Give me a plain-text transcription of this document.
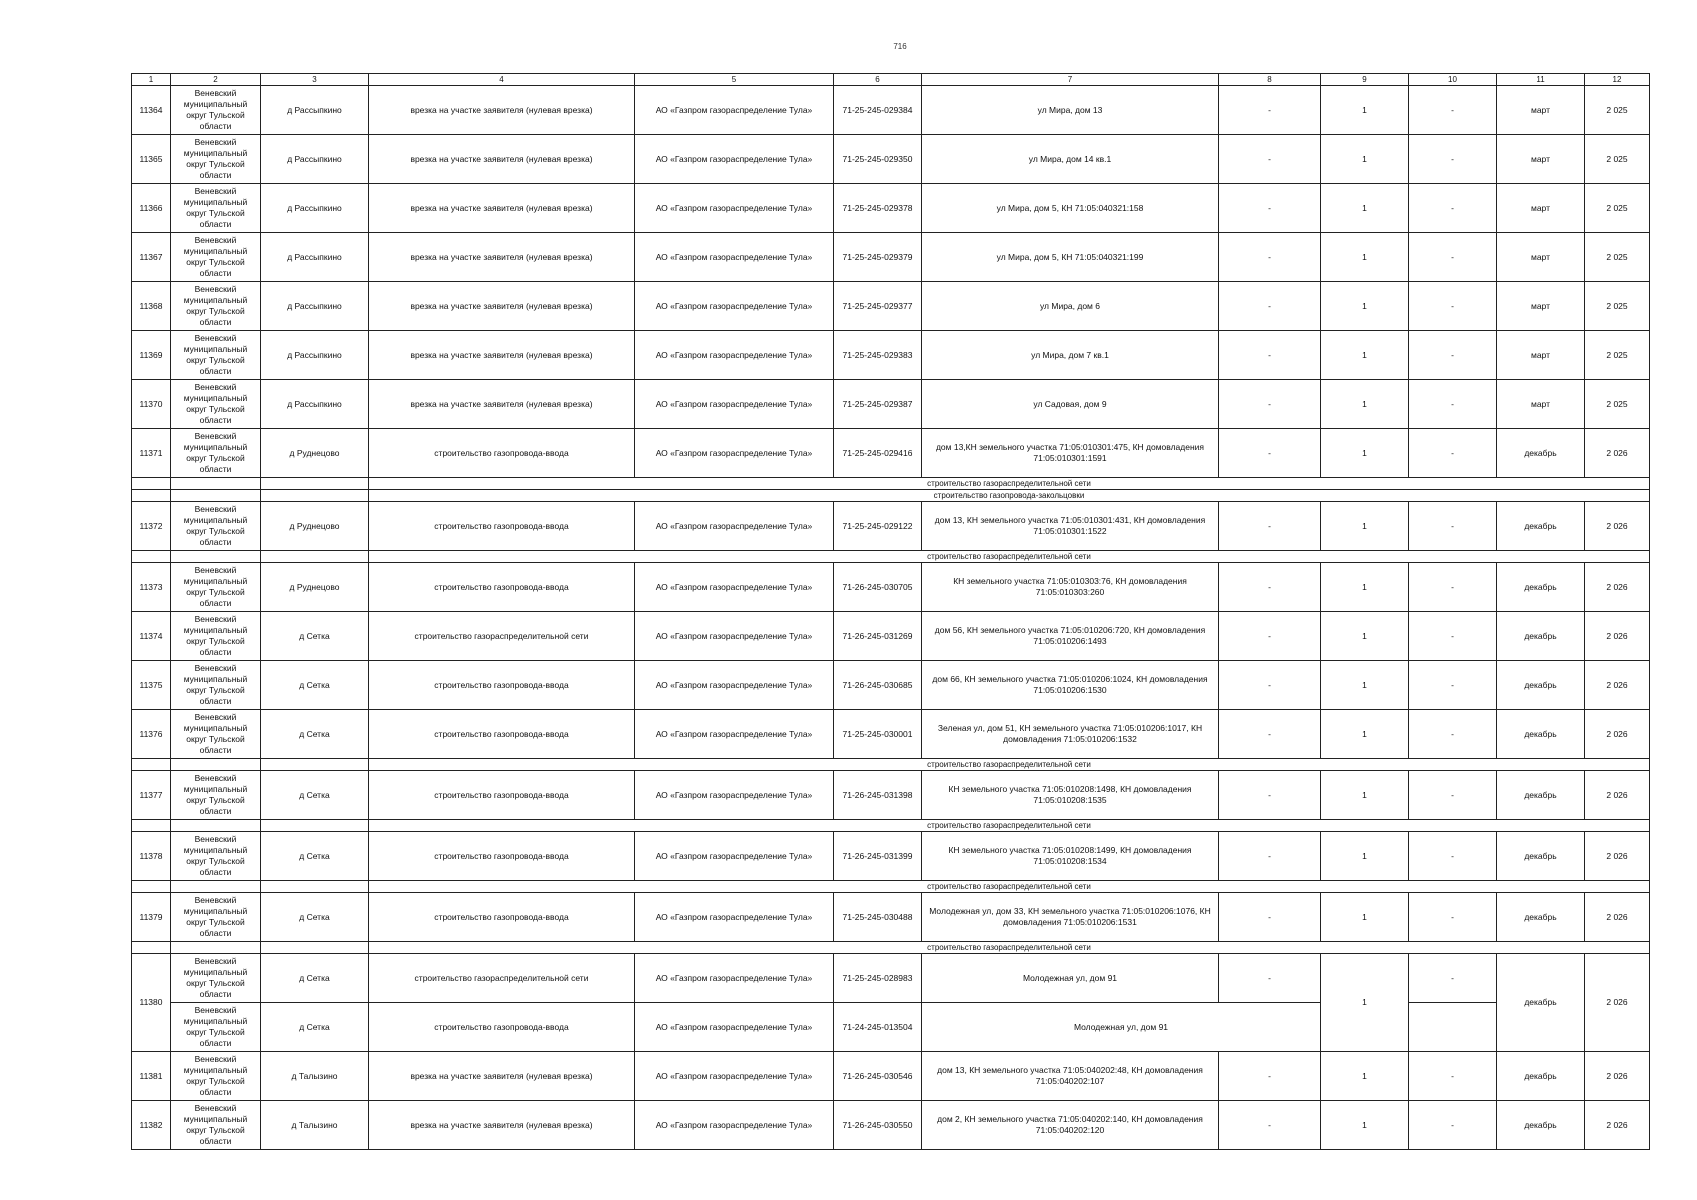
716
1	2	3	4	5	6	7	8	9	10	11	12
11364	Веневский муниципальный округ Тульской области	д Рассыпкино	врезка на участке заявителя (нулевая врезка)	АО «Газпром газораспределение Тула»	71-25-245-029384	ул Мира, дом 13	-	1	-	март	2 025
11365	Веневский муниципальный округ Тульской области	д Рассыпкино	врезка на участке заявителя (нулевая врезка)	АО «Газпром газораспределение Тула»	71-25-245-029350	ул Мира, дом 14 кв.1	-	1	-	март	2 025
11366	Веневский муниципальный округ Тульской области	д Рассыпкино	врезка на участке заявителя (нулевая врезка)	АО «Газпром газораспределение Тула»	71-25-245-029378	ул Мира, дом 5, КН 71:05:040321:158	-	1	-	март	2 025
11367	Веневский муниципальный округ Тульской области	д Рассыпкино	врезка на участке заявителя (нулевая врезка)	АО «Газпром газораспределение Тула»	71-25-245-029379	ул Мира, дом 5, КН 71:05:040321:199	-	1	-	март	2 025
11368	Веневский муниципальный округ Тульской области	д Рассыпкино	врезка на участке заявителя (нулевая врезка)	АО «Газпром газораспределение Тула»	71-25-245-029377	ул Мира, дом 6	-	1	-	март	2 025
11369	Веневский муниципальный округ Тульской области	д Рассыпкино	врезка на участке заявителя (нулевая врезка)	АО «Газпром газораспределение Тула»	71-25-245-029383	ул Мира, дом 7 кв.1	-	1	-	март	2 025
11370	Веневский муниципальный округ Тульской области	д Рассыпкино	врезка на участке заявителя (нулевая врезка)	АО «Газпром газораспределение Тула»	71-25-245-029387	ул Садовая, дом 9	-	1	-	март	2 025
11371	Веневский муниципальный округ Тульской области	д Руднецово	строительство газопровода-ввода	АО «Газпром газораспределение Тула»	71-25-245-029416	дом 13,КН земельного участка 71:05:010301:475, КН домовладения 71:05:010301:1591	-	1	-	декабрь	2 026
			строительство газораспределительной сети								
			строительство газопровода-закольцовки								
11372	Веневский муниципальный округ Тульской области	д Руднецово	строительство газопровода-ввода	АО «Газпром газораспределение Тула»	71-25-245-029122	дом 13, КН земельного участка 71:05:010301:431, КН домовладения 71:05:010301:1522	-	1	-	декабрь	2 026
			строительство газораспределительной сети								
11373	Веневский муниципальный округ Тульской области	д Руднецово	строительство газопровода-ввода	АО «Газпром газораспределение Тула»	71-26-245-030705	КН земельного участка 71:05:010303:76, КН домовладения 71:05:010303:260	-	1	-	декабрь	2 026
11374	Веневский муниципальный округ Тульской области	д Сетка	строительство газораспределительной сети	АО «Газпром газораспределение Тула»	71-26-245-031269	дом 56, КН земельного участка 71:05:010206:720, КН домовладения 71:05:010206:1493	-	1	-	декабрь	2 026
11375	Веневский муниципальный округ Тульской области	д Сетка	строительство газопровода-ввода	АО «Газпром газораспределение Тула»	71-26-245-030685	дом 66, КН земельного участка 71:05:010206:1024, КН домовладения 71:05:010206:1530	-	1	-	декабрь	2 026
11376	Веневский муниципальный округ Тульской области	д Сетка	строительство газопровода-ввода	АО «Газпром газораспределение Тула»	71-25-245-030001	Зеленая ул, дом 51, КН земельного участка 71:05:010206:1017, КН домовладения 71:05:010206:1532	-	1	-	декабрь	2 026
			строительство газораспределительной сети								
11377	Веневский муниципальный округ Тульской области	д Сетка	строительство газопровода-ввода	АО «Газпром газораспределение Тула»	71-26-245-031398	КН земельного участка 71:05:010208:1498, КН домовладения 71:05:010208:1535	-	1	-	декабрь	2 026
			строительство газораспределительной сети								
11378	Веневский муниципальный округ Тульской области	д Сетка	строительство газопровода-ввода	АО «Газпром газораспределение Тула»	71-26-245-031399	КН земельного участка 71:05:010208:1499, КН домовладения 71:05:010208:1534	-	1	-	декабрь	2 026
			строительство газораспределительной сети								
11379	Веневский муниципальный округ Тульской области	д Сетка	строительство газопровода-ввода	АО «Газпром газораспределение Тула»	71-25-245-030488	Молодежная ул, дом 33, КН земельного участка 71:05:010206:1076, КН домовладения 71:05:010206:1531	-	1	-	декабрь	2 026
			строительство газораспределительной сети								
11380	Веневский муниципальный округ Тульской области	д Сетка	строительство газораспределительной сети	АО «Газпром газораспределение Тула»	71-25-245-028983	Молодежная ул, дом 91	-	1	-	декабрь	2 026
	Веневский муниципальный округ Тульской области	д Сетка	строительство газопровода-ввода	АО «Газпром газораспределение Тула»	71-24-245-013504	Молодежная ул, дом 91					
11381	Веневский муниципальный округ Тульской области	д Талызино	врезка на участке заявителя (нулевая врезка)	АО «Газпром газораспределение Тула»	71-26-245-030546	дом 13, КН земельного участка 71:05:040202:48, КН домовладения 71:05:040202:107	-	1	-	декабрь	2 026
11382	Веневский муниципальный округ Тульской области	д Талызино	врезка на участке заявителя (нулевая врезка)	АО «Газпром газораспределение Тула»	71-26-245-030550	дом 2, КН земельного участка 71:05:040202:140, КН домовладения 71:05:040202:120	-	1	-	декабрь	2 026
